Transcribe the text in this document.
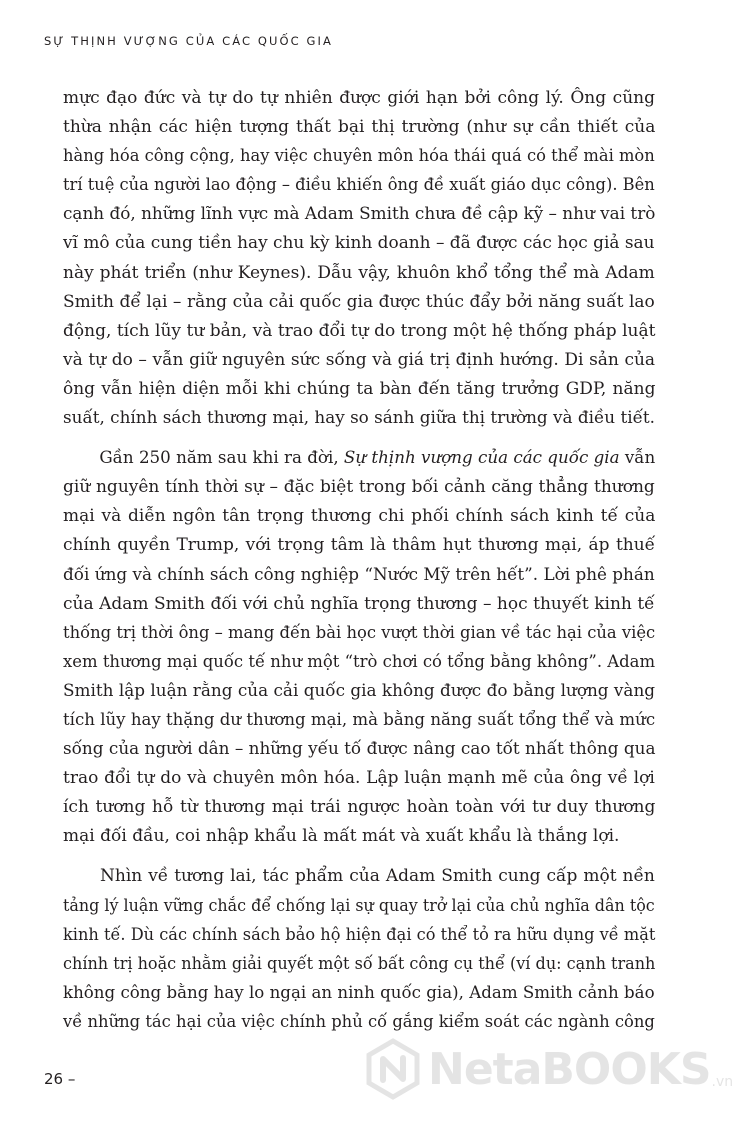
SỰ THỊNH VƯỢNG CỦA CÁC QUỐC GIA

mực đạo đức và tự do tự nhiên được giới hạn bởi công lý. Ông cũng
thừa nhận các hiện tượng thất bại thị trường (như sự cần thiết của
hàng hóa công cộng, hay việc chuyên môn hóa thái quá có thể mài mòn
trí tuệ của người lao động – điều khiến ông đề xuất giáo dục công). Bên
cạnh đó, những lĩnh vực mà Adam Smith chưa đề cập kỹ – như vai trò
vĩ mô của cung tiền hay chu kỳ kinh doanh – đã được các học giả sau
này phát triển (như Keynes). Dẫu vậy, khuôn khổ tổng thể mà Adam
Smith để lại – rằng của cải quốc gia được thúc đẩy bởi năng suất lao
động, tích lũy tư bản, và trao đổi tự do trong một hệ thống pháp luật
và tự do – vẫn giữ nguyên sức sống và giá trị định hướng. Di sản của
ông vẫn hiện diện mỗi khi chúng ta bàn đến tăng trưởng GDP, năng
suất, chính sách thương mại, hay so sánh giữa thị trường và điều tiết.

Gần 250 năm sau khi ra đời, Sự thịnh vượng của các quốc gia vẫn
giữ nguyên tính thời sự – đặc biệt trong bối cảnh căng thẳng thương
mại và diễn ngôn tân trọng thương chi phối chính sách kinh tế của
chính quyền Trump, với trọng tâm là thâm hụt thương mại, áp thuế
đối ứng và chính sách công nghiệp “Nước Mỹ trên hết”. Lời phê phán
của Adam Smith đối với chủ nghĩa trọng thương – học thuyết kinh tế
thống trị thời ông – mang đến bài học vượt thời gian về tác hại của việc
xem thương mại quốc tế như một “trò chơi có tổng bằng không”. Adam
Smith lập luận rằng của cải quốc gia không được đo bằng lượng vàng
tích lũy hay thặng dư thương mại, mà bằng năng suất tổng thể và mức
sống của người dân – những yếu tố được nâng cao tốt nhất thông qua
trao đổi tự do và chuyên môn hóa. Lập luận mạnh mẽ của ông về lợi
ích tương hỗ từ thương mại trái ngược hoàn toàn với tư duy thương
mại đối đầu, coi nhập khẩu là mất mát và xuất khẩu là thắng lợi.

Nhìn về tương lai, tác phẩm của Adam Smith cung cấp một nền
tảng lý luận vững chắc để chống lại sự quay trở lại của chủ nghĩa dân tộc
kinh tế. Dù các chính sách bảo hộ hiện đại có thể tỏ ra hữu dụng về mặt
chính trị hoặc nhằm giải quyết một số bất công cụ thể (ví dụ: cạnh tranh
không công bằng hay lo ngại an ninh quốc gia), Adam Smith cảnh báo
về những tác hại của việc chính phủ cố gắng kiểm soát các ngành công

26 –	NetaBOOKS .vn
